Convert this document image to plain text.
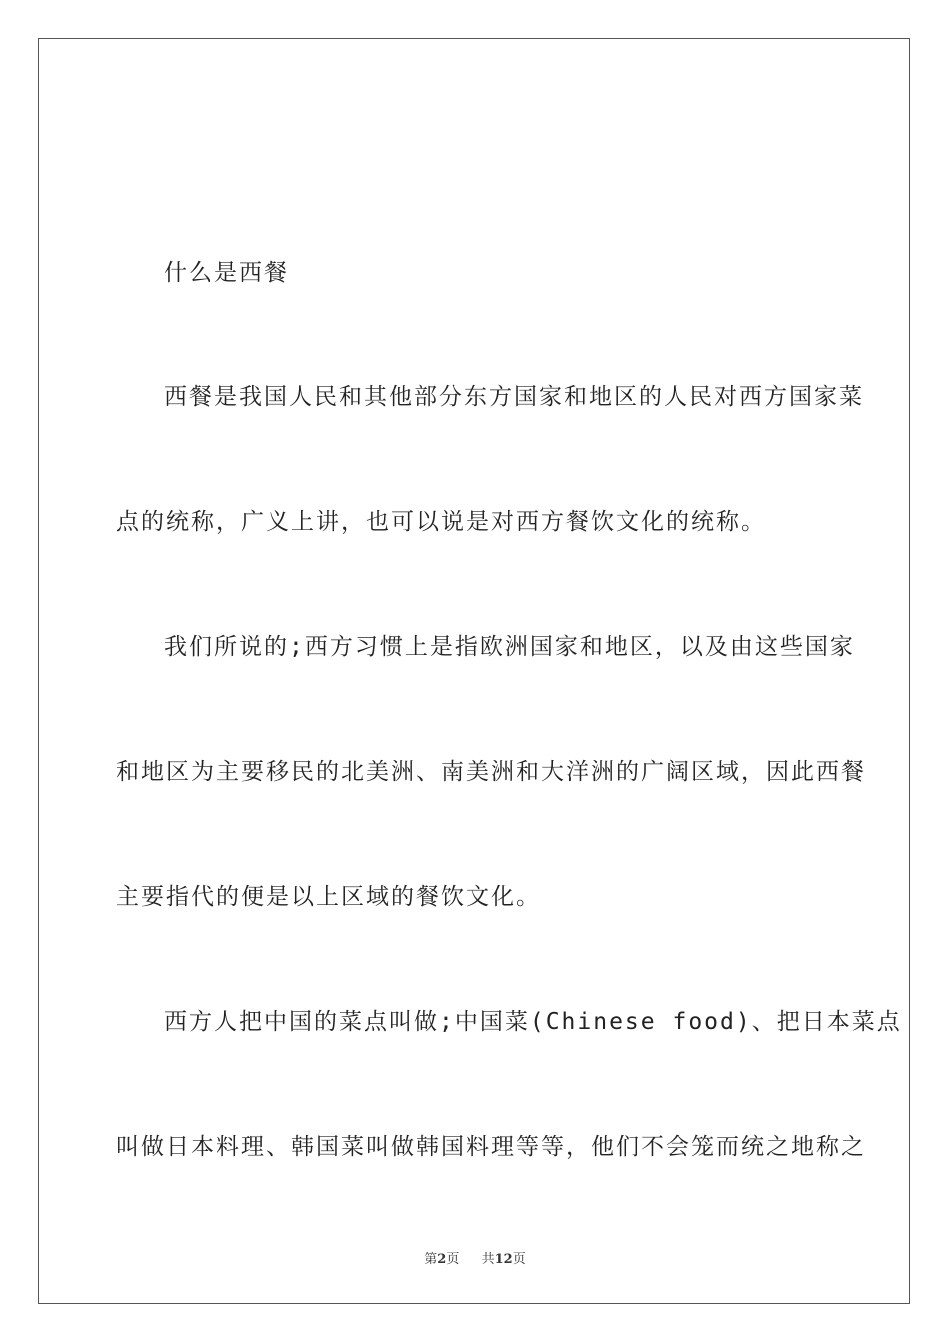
什么是西餐
西餐是我国人民和其他部分东方国家和地区的人民对西方国家菜
点的统称，广义上讲，也可以说是对西方餐饮文化的统称。
我们所说的;西方习惯上是指欧洲国家和地区，以及由这些国家
和地区为主要移民的北美洲、南美洲和大洋洲的广阔区域，因此西餐
主要指代的便是以上区域的餐饮文化。
西方人把中国的菜点叫做;中国菜(Chinese food)、把日本菜点
叫做日本料理、韩国菜叫做韩国料理等等，他们不会笼而统之地称之
第2页 共12页
